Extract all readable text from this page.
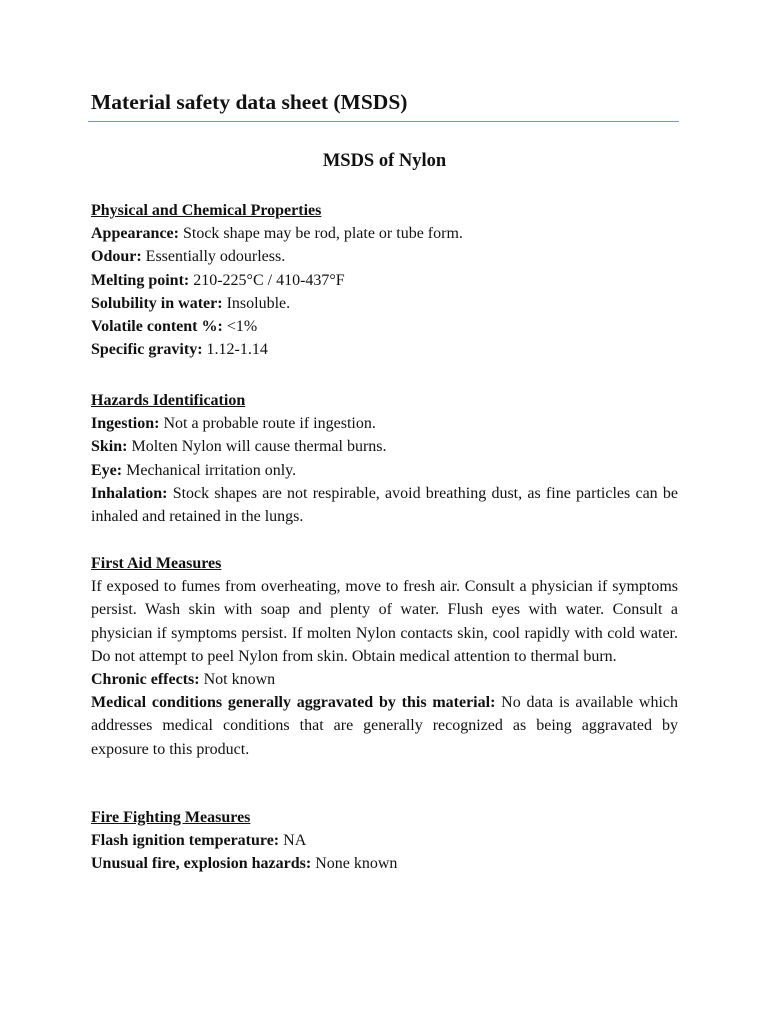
Material safety data sheet (MSDS)
MSDS of Nylon
Physical and Chemical Properties
Appearance: Stock shape may be rod, plate or tube form.
Odour: Essentially odourless.
Melting point: 210-225°C / 410-437°F
Solubility in water: Insoluble.
Volatile content %: <1%
Specific gravity: 1.12-1.14
Hazards Identification
Ingestion: Not a probable route if ingestion.
Skin: Molten Nylon will cause thermal burns.
Eye: Mechanical irritation only.
Inhalation: Stock shapes are not respirable, avoid breathing dust, as fine particles can be inhaled and retained in the lungs.
First Aid Measures
If exposed to fumes from overheating, move to fresh air. Consult a physician if symptoms persist. Wash skin with soap and plenty of water. Flush eyes with water. Consult a physician if symptoms persist. If molten Nylon contacts skin, cool rapidly with cold water. Do not attempt to peel Nylon from skin. Obtain medical attention to thermal burn.
Chronic effects: Not known
Medical conditions generally aggravated by this material: No data is available which addresses medical conditions that are generally recognized as being aggravated by exposure to this product.
Fire Fighting Measures
Flash ignition temperature: NA
Unusual fire, explosion hazards: None known
